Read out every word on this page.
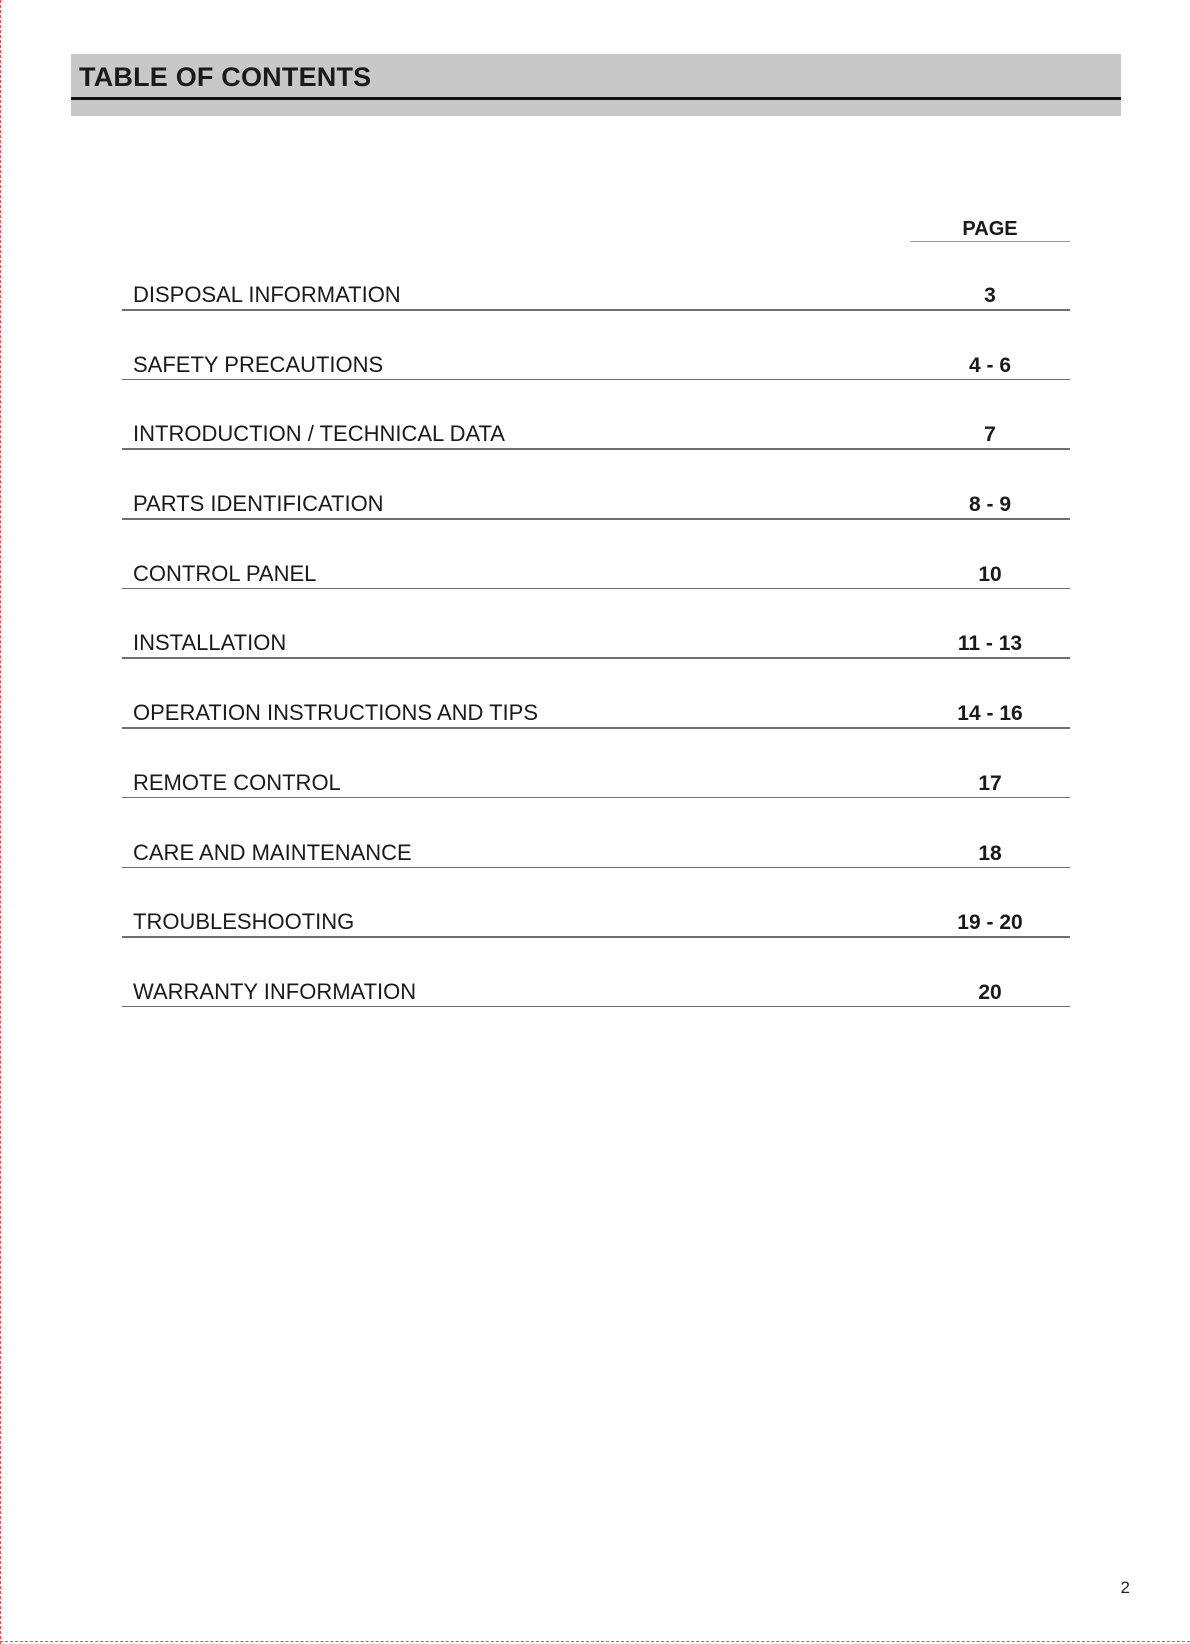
TABLE OF CONTENTS
PAGE
DISPOSAL INFORMATION	3
SAFETY PRECAUTIONS	4 - 6
INTRODUCTION / TECHNICAL DATA	7
PARTS IDENTIFICATION	8 - 9
CONTROL PANEL	10
INSTALLATION	11 - 13
OPERATION INSTRUCTIONS AND TIPS	14 - 16
REMOTE CONTROL	17
CARE AND MAINTENANCE	18
TROUBLESHOOTING	19 - 20
WARRANTY INFORMATION	20
2
